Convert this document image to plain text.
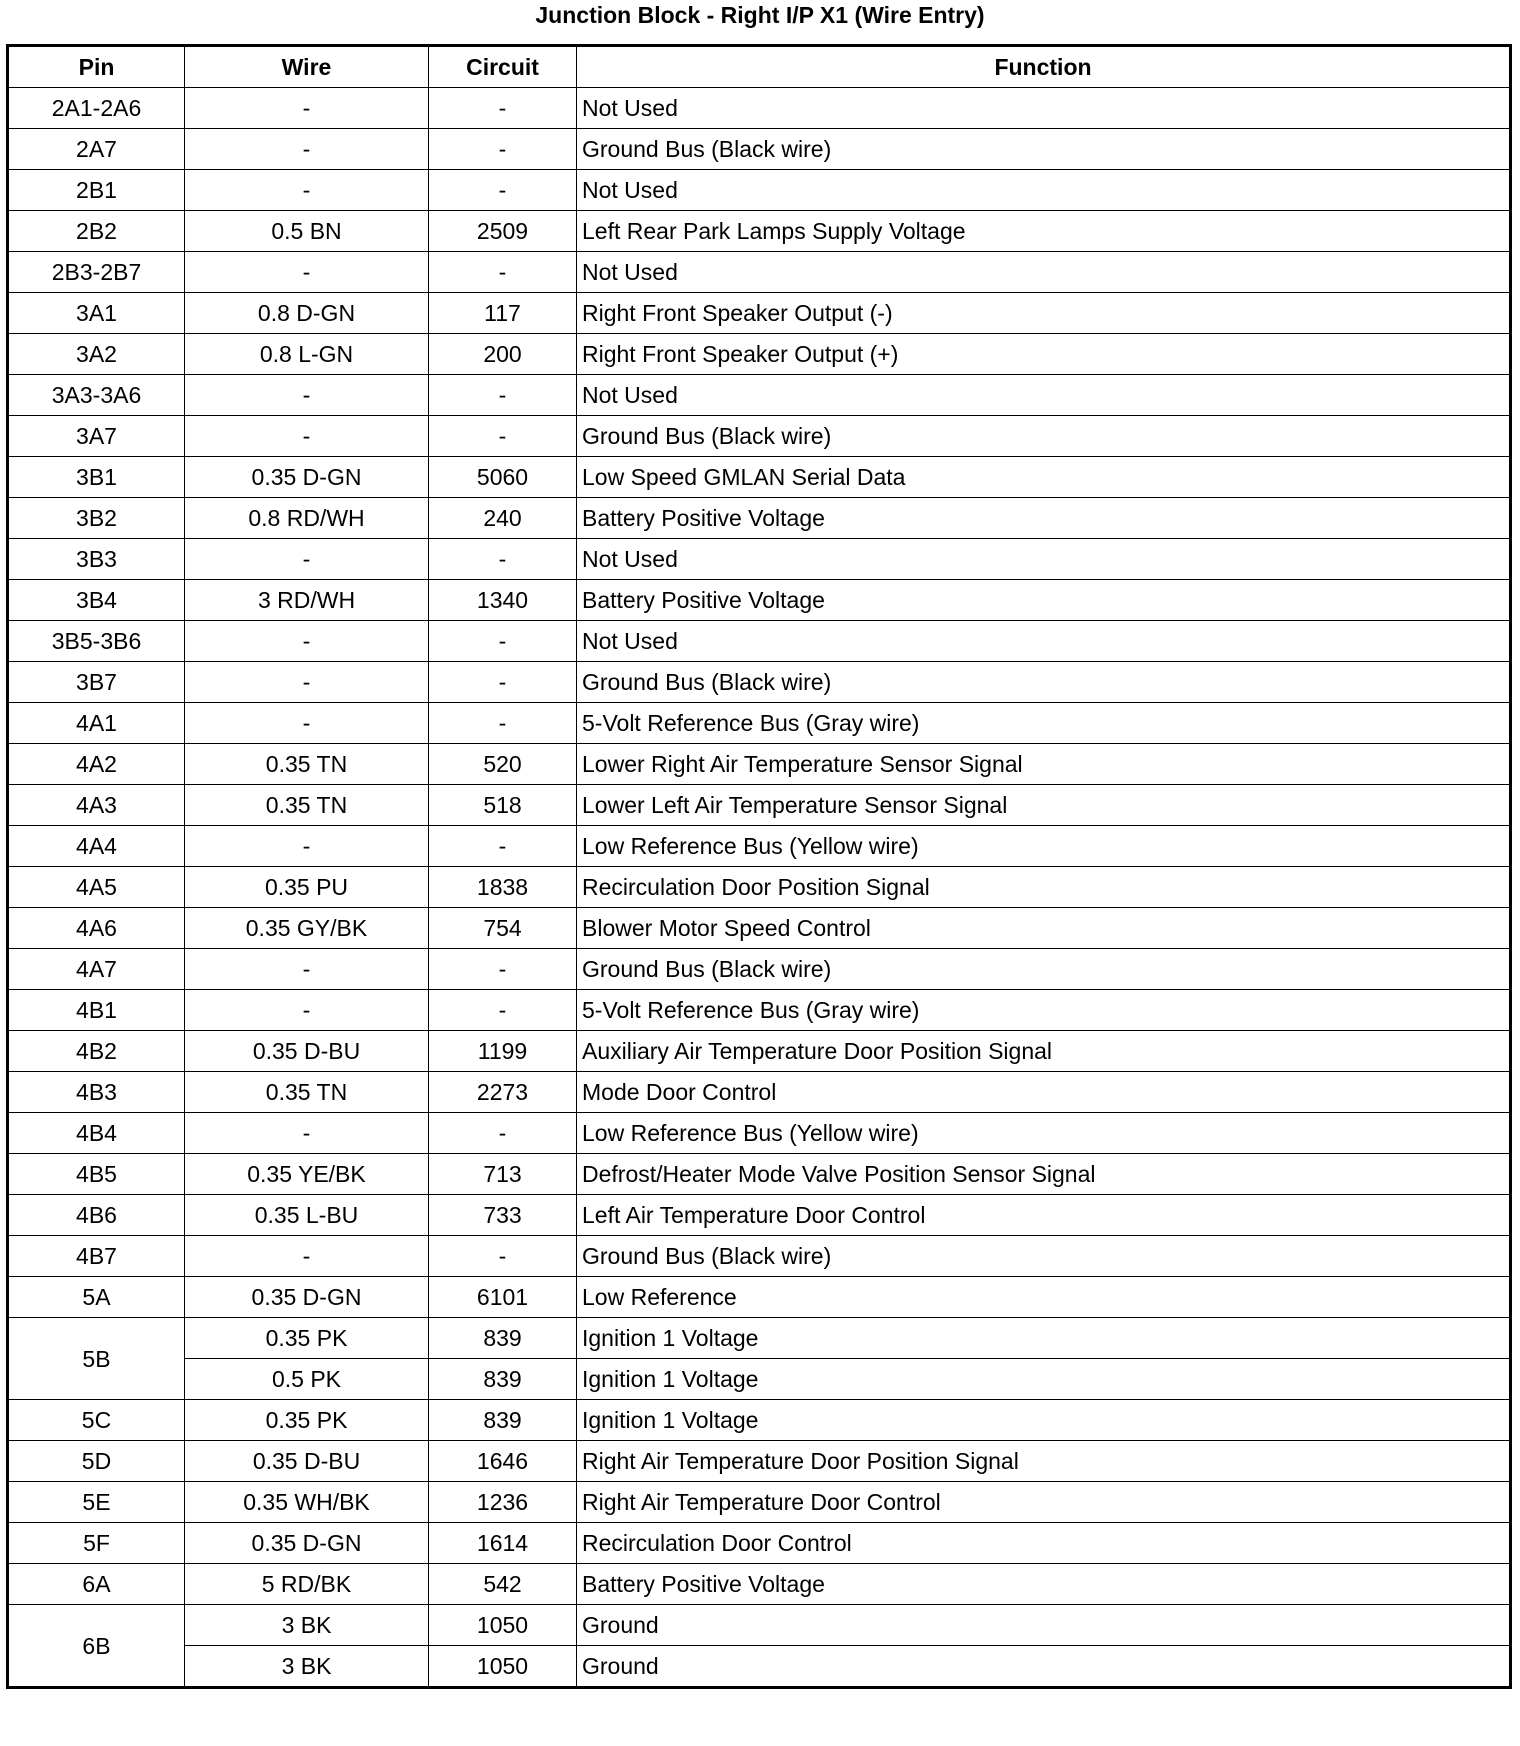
Junction Block - Right I/P X1 (Wire Entry)
Pin	Wire	Circuit	Function
2A1-2A6	-	-	Not Used
2A7	-	-	Ground Bus (Black wire)
2B1	-	-	Not Used
2B2	0.5 BN	2509	Left Rear Park Lamps Supply Voltage
2B3-2B7	-	-	Not Used
3A1	0.8 D-GN	117	Right Front Speaker Output (-)
3A2	0.8 L-GN	200	Right Front Speaker Output (+)
3A3-3A6	-	-	Not Used
3A7	-	-	Ground Bus (Black wire)
3B1	0.35 D-GN	5060	Low Speed GMLAN Serial Data
3B2	0.8 RD/WH	240	Battery Positive Voltage
3B3	-	-	Not Used
3B4	3 RD/WH	1340	Battery Positive Voltage
3B5-3B6	-	-	Not Used
3B7	-	-	Ground Bus (Black wire)
4A1	-	-	5-Volt Reference Bus (Gray wire)
4A2	0.35 TN	520	Lower Right Air Temperature Sensor Signal
4A3	0.35 TN	518	Lower Left Air Temperature Sensor Signal
4A4	-	-	Low Reference Bus (Yellow wire)
4A5	0.35 PU	1838	Recirculation Door Position Signal
4A6	0.35 GY/BK	754	Blower Motor Speed Control
4A7	-	-	Ground Bus (Black wire)
4B1	-	-	5-Volt Reference Bus (Gray wire)
4B2	0.35 D-BU	1199	Auxiliary Air Temperature Door Position Signal
4B3	0.35 TN	2273	Mode Door Control
4B4	-	-	Low Reference Bus (Yellow wire)
4B5	0.35 YE/BK	713	Defrost/Heater Mode Valve Position Sensor Signal
4B6	0.35 L-BU	733	Left Air Temperature Door Control
4B7	-	-	Ground Bus (Black wire)
5A	0.35 D-GN	6101	Low Reference
5B	0.35 PK	839	Ignition 1 Voltage
	0.5 PK	839	Ignition 1 Voltage
5C	0.35 PK	839	Ignition 1 Voltage
5D	0.35 D-BU	1646	Right Air Temperature Door Position Signal
5E	0.35 WH/BK	1236	Right Air Temperature Door Control
5F	0.35 D-GN	1614	Recirculation Door Control
6A	5 RD/BK	542	Battery Positive Voltage
6B	3 BK	1050	Ground
	3 BK	1050	Ground
